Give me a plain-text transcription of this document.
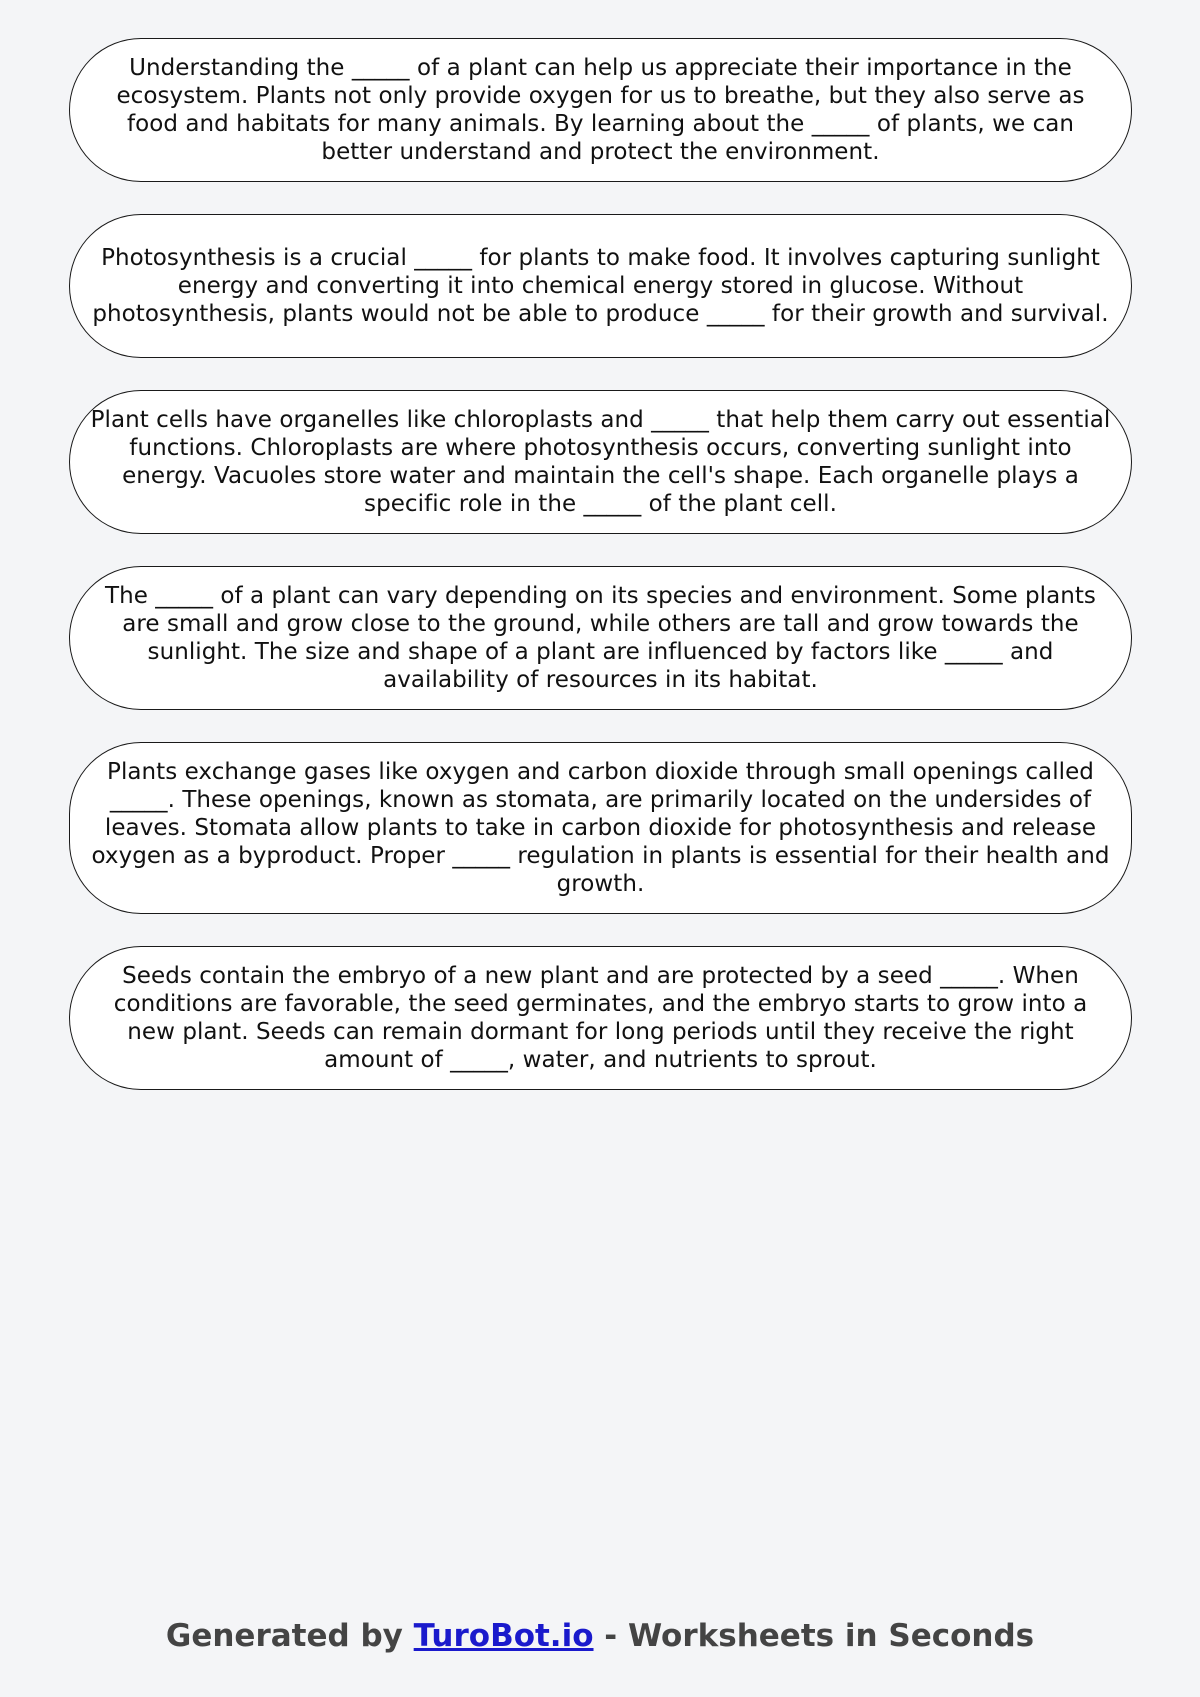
Understanding the _____ of a plant can help us appreciate their importance in the ecosystem. Plants not only provide oxygen for us to breathe, but they also serve as food and habitats for many animals. By learning about the _____ of plants, we can better understand and protect the environment.

Photosynthesis is a crucial _____ for plants to make food. It involves capturing sunlight energy and converting it into chemical energy stored in glucose. Without photosynthesis, plants would not be able to produce _____ for their growth and survival.

Plant cells have organelles like chloroplasts and _____ that help them carry out essential functions. Chloroplasts are where photosynthesis occurs, converting sunlight into energy. Vacuoles store water and maintain the cell's shape. Each organelle plays a specific role in the _____ of the plant cell.

The _____ of a plant can vary depending on its species and environment. Some plants are small and grow close to the ground, while others are tall and grow towards the sunlight. The size and shape of a plant are influenced by factors like _____ and availability of resources in its habitat.

Plants exchange gases like oxygen and carbon dioxide through small openings called _____. These openings, known as stomata, are primarily located on the undersides of leaves. Stomata allow plants to take in carbon dioxide for photosynthesis and release oxygen as a byproduct. Proper _____ regulation in plants is essential for their health and growth.

Seeds contain the embryo of a new plant and are protected by a seed _____. When conditions are favorable, the seed germinates, and the embryo starts to grow into a new plant. Seeds can remain dormant for long periods until they receive the right amount of _____, water, and nutrients to sprout.

Generated by TuroBot.io - Worksheets in Seconds
